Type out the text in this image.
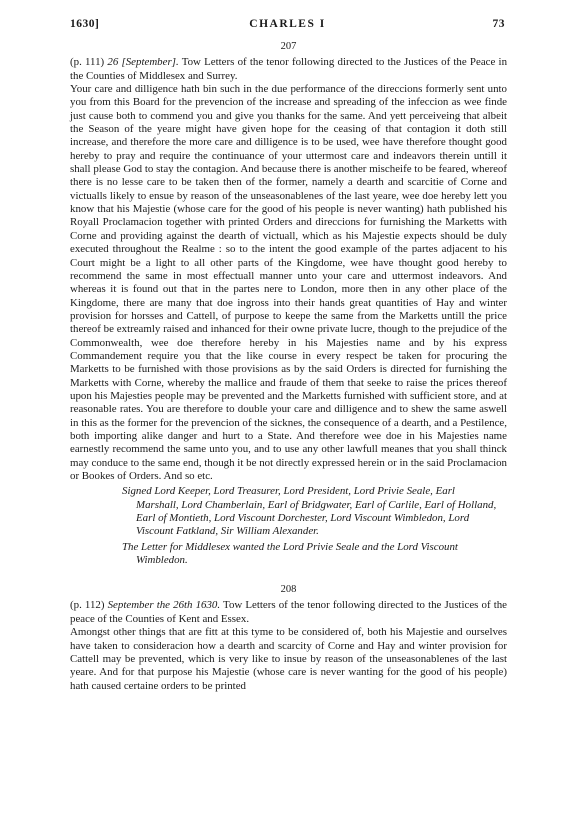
1630]	CHARLES I	73
207

(p. 111) 26 [September]. Tow Letters of the tenor following directed to the Justices of the Peace in the Counties of Middlesex and Surrey.

Your care and dilligence hath bin such in the due performance of the direccions formerly sent unto you from this Board for the prevencion of the increase and spreading of the infeccion as wee finde just cause both to commend you and give you thanks for the same. And yett perceiveing that albeit the Season of the yeare might have given hope for the ceasing of that contagion it doth still increase, and therefore the more care and dilligence is to be used, wee have therefore thought good hereby to pray and require the continuance of your uttermost care and indeavors therein untill it shall please God to stay the contagion. And because there is another mischeife to be feared, whereof there is no lesse care to be taken then of the former, namely a dearth and scarcitie of Corne and victualls likely to ensue by reason of the unseasonablenes of the last yeare, wee doe hereby lett you know that his Majestie (whose care for the good of his people is never wanting) hath published his Royall Proclamacion together with printed Orders and direccions for furnishing the Marketts with Corne and providing against the dearth of victuall, which as his Majestie expects should be duly executed throughout the Realme : so to the intent the good example of the partes adjacent to his Court might be a light to all other parts of the Kingdome, wee have thought good hereby to recommend the same in most effectuall manner unto your care and uttermost indeavors. And whereas it is found out that in the partes nere to London, more then in any other place of the Kingdome, there are many that doe ingross into their hands great quantities of Hay and winter provision for horsses and Cattell, of purpose to keepe the same from the Marketts untill the price thereof be extreamly raised and inhanced for their owne private lucre, though to the prejudice of the Commonwealth, wee doe therefore hereby in his Majesties name and by his express Commandement require you that the like course in every respect be taken for procuring the Marketts to be furnished with those provisions as by the said Orders is directed for furnishing the Marketts with Corne, whereby the mallice and fraude of them that seeke to raise the prices thereof upon his Majesties people may be prevented and the Marketts furnished with sufficient store, and at reasonable rates. You are therefore to double your care and dilligence and to shew the same aswell in this as the former for the prevencion of the sicknes, the consequence of a dearth, and a Pestilence, both importing alike danger and hurt to a State. And therefore wee doe in his Majesties name earnestly recommend the same unto you, and to use any other lawfull meanes that you shall thinck may conduce to the same end, though it be not directly expressed herein or in the said Proclamacion or Bookes of Orders. And so etc.

Signed Lord Keeper, Lord Treasurer, Lord President, Lord Privie Seale, Earl
Marshall, Lord Chamberlain, Earl of Bridgwater, Earl of Carlile, Earl of Holland, Earl of Montieth, Lord Viscount Dorchester, Lord Viscount Wimbledon, Lord Viscount Fatkland, Sir William Alexander.
The Letter for Middlesex wanted the Lord Privie Seale and the Lord Viscount
Wimbledon.
208

(p. 112) September the 26th 1630. Tow Letters of the tenor following directed to the Justices of the peace of the Counties of Kent and Essex.

Amongst other things that are fitt at this tyme to be considered of, both his Majestie and ourselves have taken to consideracion how a dearth and scarcity of Corne and Hay and winter provision for Cattell may be prevented, which is very like to insue by reason of the unseasonablenes of the last yeare. And for that purpose his Majestie (whose care is never wanting for the good of his people) hath caused certaine orders to be printed
